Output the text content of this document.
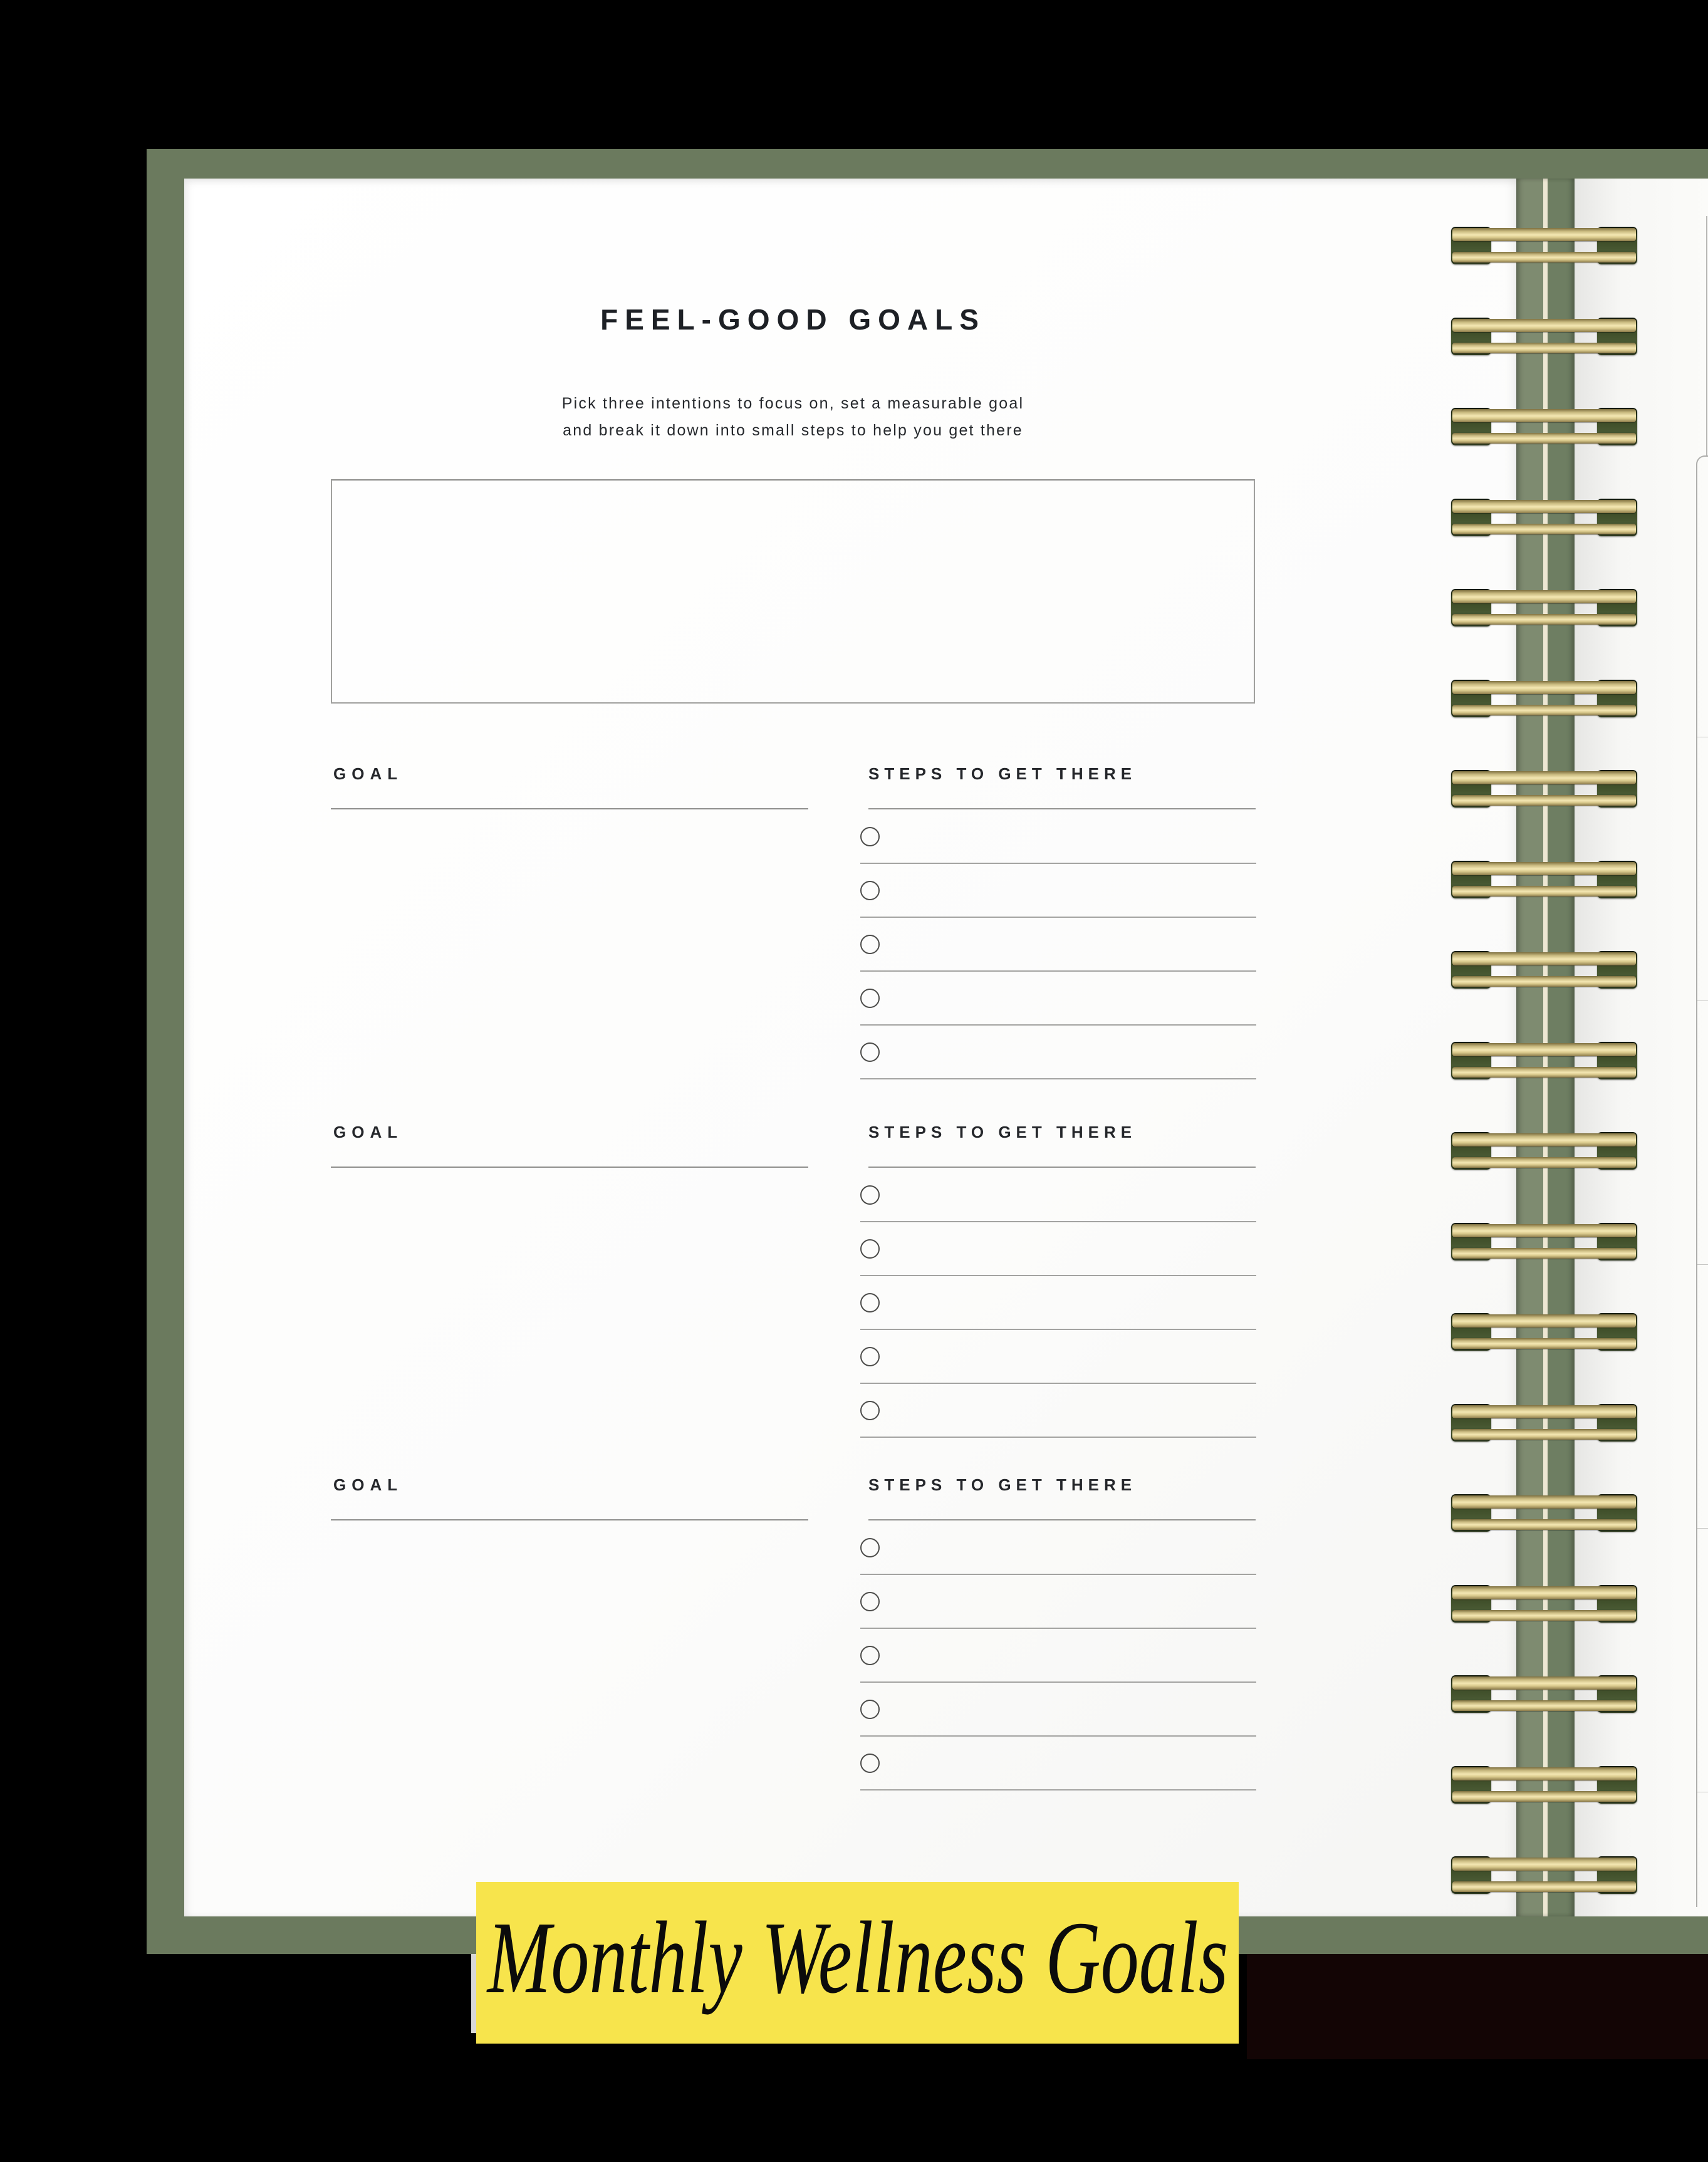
FEEL-GOOD GOALS
Pick three intentions to focus on, set a measurable goal
and break it down into small steps to help you get there
GOAL	STEPS TO GET THERE
GOAL	STEPS TO GET THERE
GOAL	STEPS TO GET THERE
Monthly Wellness Goals
